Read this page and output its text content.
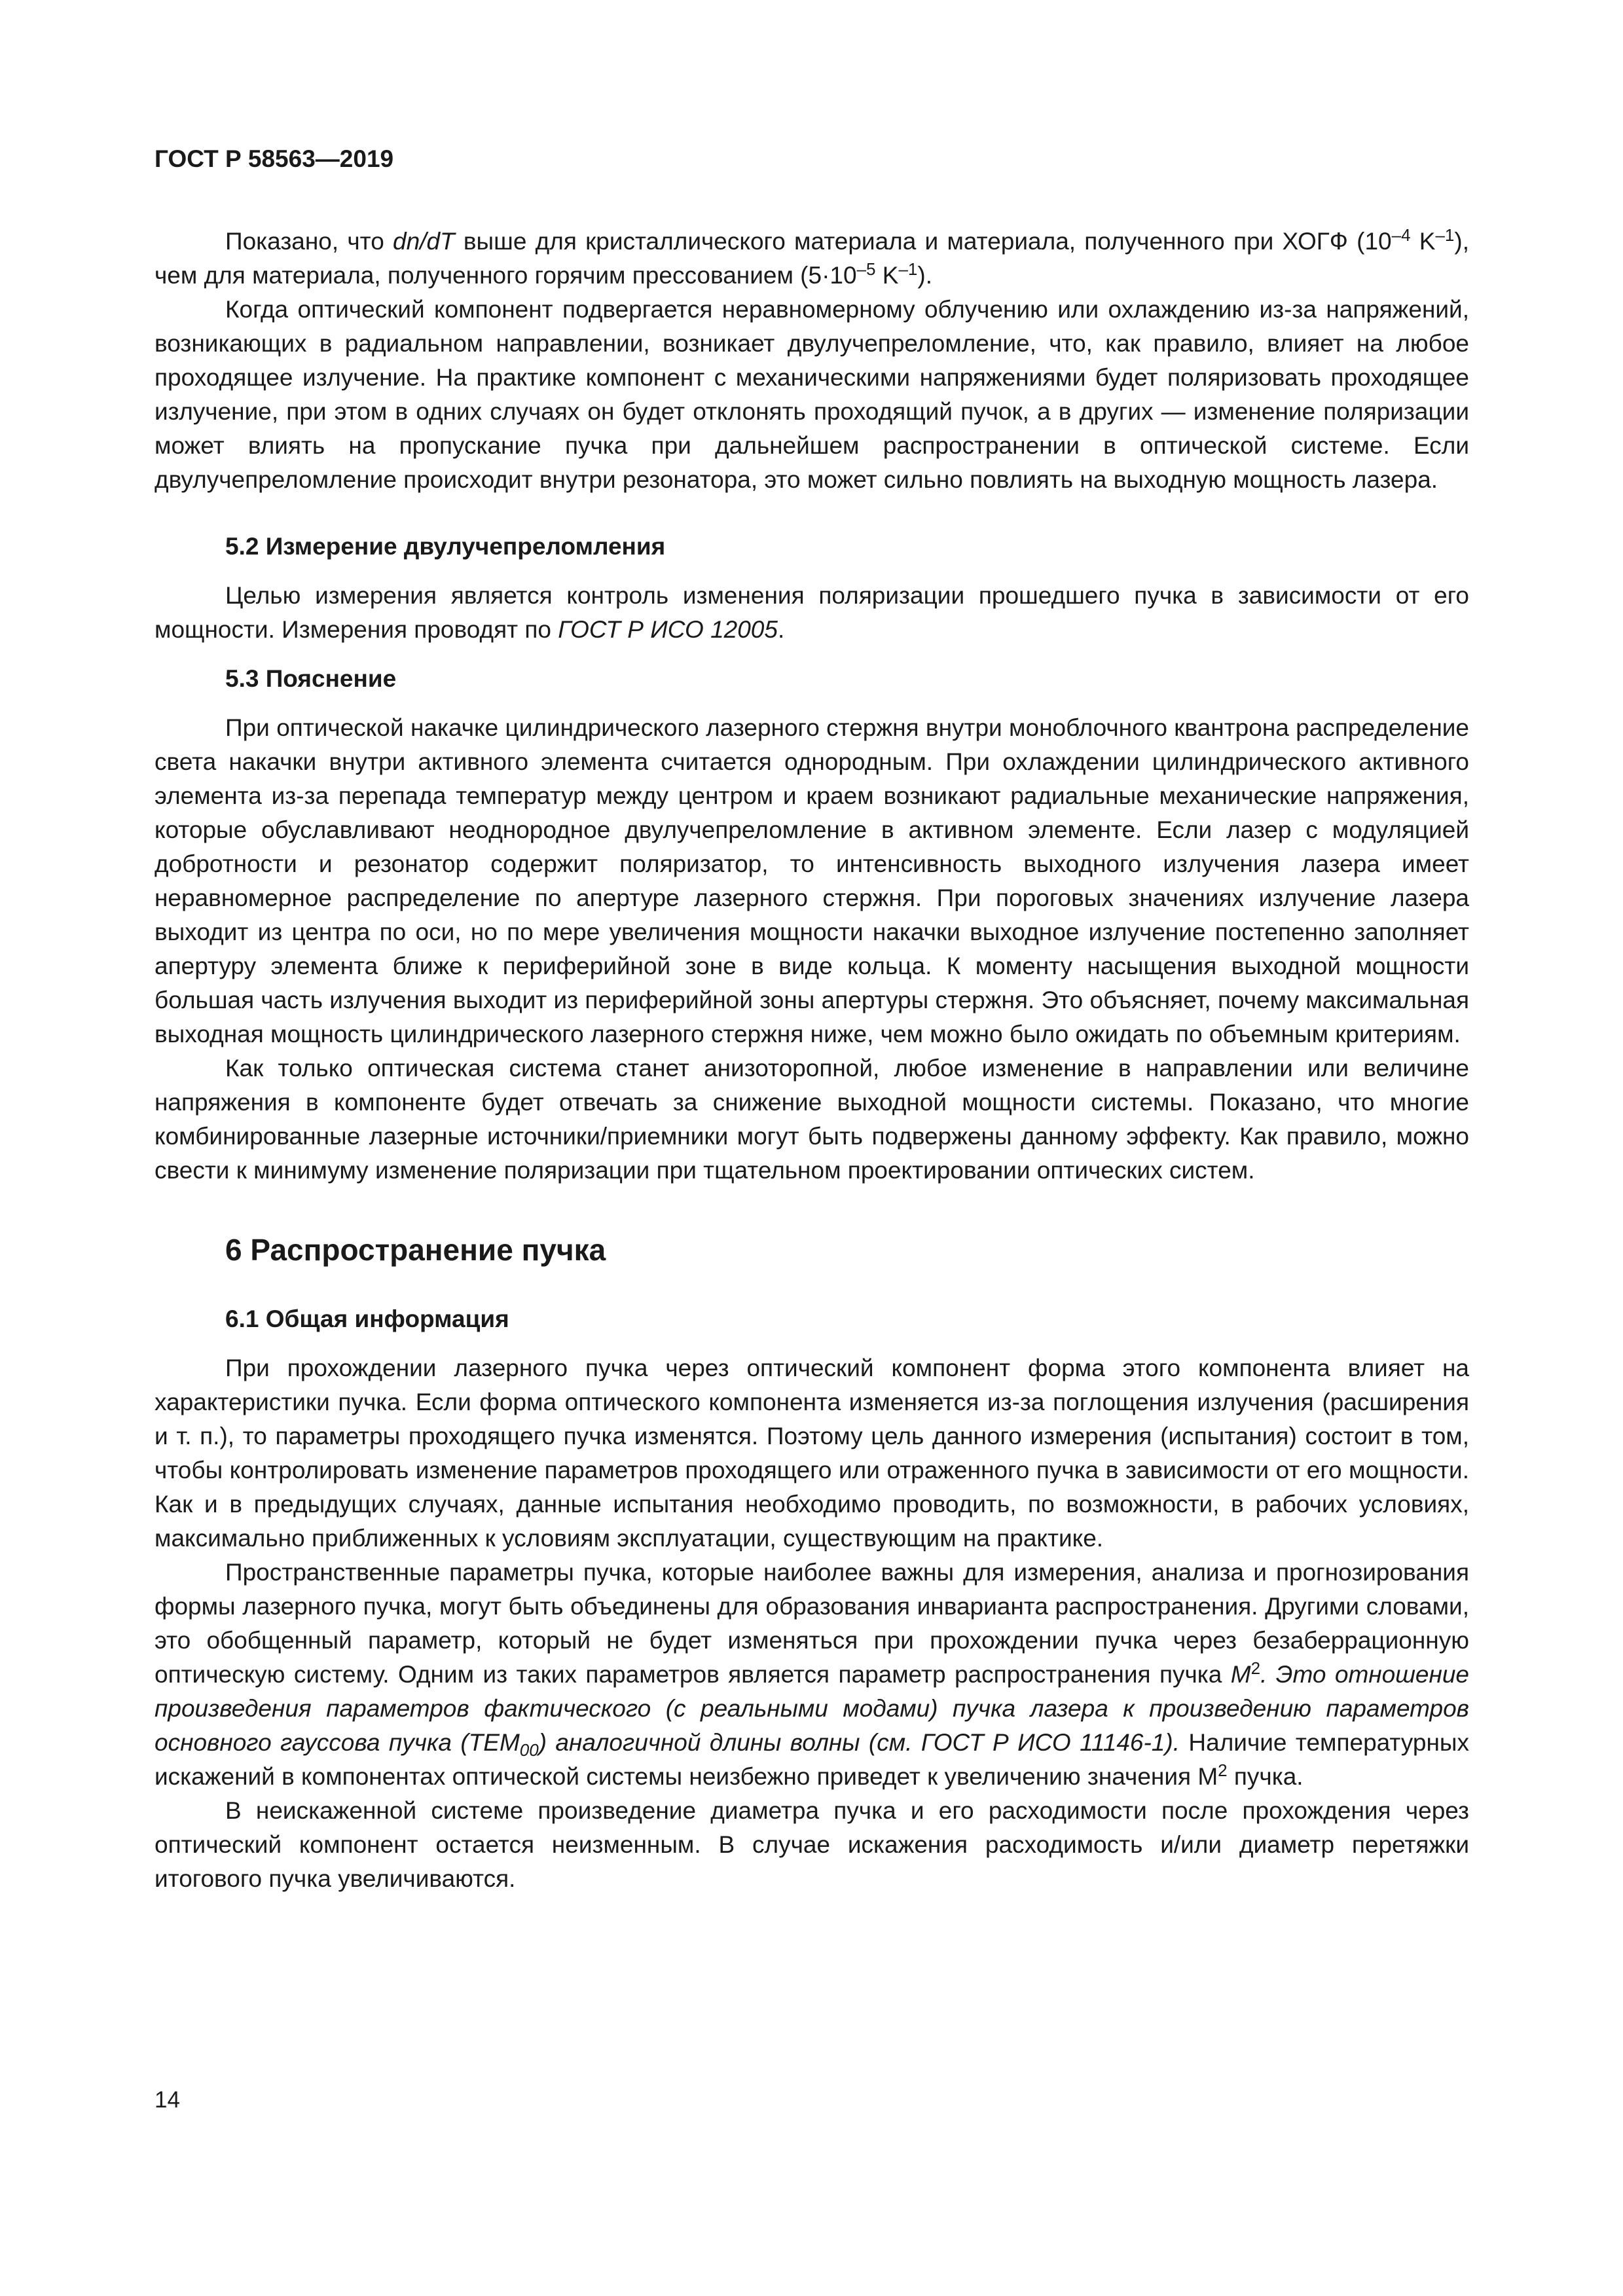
ГОСТ Р 58563—2019

Показано, что dn/dT выше для кристаллического материала и материала, полученного при ХОГФ ($10^{-4}$ $K^{-1}$), чем для материала, полученного горячим прессованием ($5\cdot 10^{-5}$ $K^{-1}$).

Когда оптический компонент подвергается неравномерному облучению или охлаждению из-за напряжений, возникающих в радиальном направлении, возникает двулучепреломление, что, как правило, влияет на любое проходящее излучение. На практике компонент с механическими напряжениями будет поляризовать проходящее излучение, при этом в одних случаях он будет отклонять проходящий пучок, а в других — изменение поляризации может влиять на пропускание пучка при дальнейшем распространении в оптической системе. Если двулучепреломление происходит внутри резонатора, это может сильно повлиять на выходную мощность лазера.

5.2 Измерение двулучепреломления

Целью измерения является контроль изменения поляризации прошедшего пучка в зависимости от его мощности. Измерения проводят по ГОСТ Р ИСО 12005.

5.3 Пояснение

При оптической накачке цилиндрического лазерного стержня внутри моноблочного квантрона распределение света накачки внутри активного элемента считается однородным. При охлаждении цилиндрического активного элемента из-за перепада температур между центром и краем возникают радиальные механические напряжения, которые обуславливают неоднородное двулучепреломление в активном элементе. Если лазер с модуляцией добротности и резонатор содержит поляризатор, то интенсивность выходного излучения лазера имеет неравномерное распределение по апертуре лазерного стержня. При пороговых значениях излучение лазера выходит из центра по оси, но по мере увеличения мощности накачки выходное излучение постепенно заполняет апертуру элемента ближе к периферийной зоне в виде кольца. К моменту насыщения выходной мощности большая часть излучения выходит из периферийной зоны апертуры стержня. Это объясняет, почему максимальная выходная мощность цилиндрического лазерного стержня ниже, чем можно было ожидать по объемным критериям.

Как только оптическая система станет анизоторопной, любое изменение в направлении или величине напряжения в компоненте будет отвечать за снижение выходной мощности системы. Показано, что многие комбинированные лазерные источники/приемники могут быть подвержены данному эффекту. Как правило, можно свести к минимуму изменение поляризации при тщательном проектировании оптических систем.

6 Распространение пучка
6.1 Общая информация

При прохождении лазерного пучка через оптический компонент форма этого компонента влияет на характеристики пучка. Если форма оптического компонента изменяется из-за поглощения излучения (расширения и т. п.), то параметры проходящего пучка изменятся. Поэтому цель данного измерения (испытания) состоит в том, чтобы контролировать изменение параметров проходящего или отраженного пучка в зависимости от его мощности. Как и в предыдущих случаях, данные испытания необходимо проводить, по возможности, в рабочих условиях, максимально приближенных к условиям эксплуатации, существующим на практике.

Пространственные параметры пучка, которые наиболее важны для измерения, анализа и прогнозирования формы лазерного пучка, могут быть объединены для образования инварианта распространения. Другими словами, это обобщенный параметр, который не будет изменяться при прохождении пучка через безаберрационную оптическую систему. Одним из таких параметров является параметр распространения пучка $M^2$. Это отношение произведения параметров фактического (с реальными модами) пучка лазера к произведению параметров основного гауссова пучка $(TEM_{00})$ аналогичной длины волны (см. ГОСТ Р ИСО 11146-1). Наличие температурных искажений в компонентах оптической системы неизбежно приведет к увеличению значения $M^2$ пучка.

В неискаженной системе произведение диаметра пучка и его расходимости после прохождения через оптический компонент остается неизменным. В случае искажения расходимость и/или диаметр перетяжки итогового пучка увеличиваются.

14
